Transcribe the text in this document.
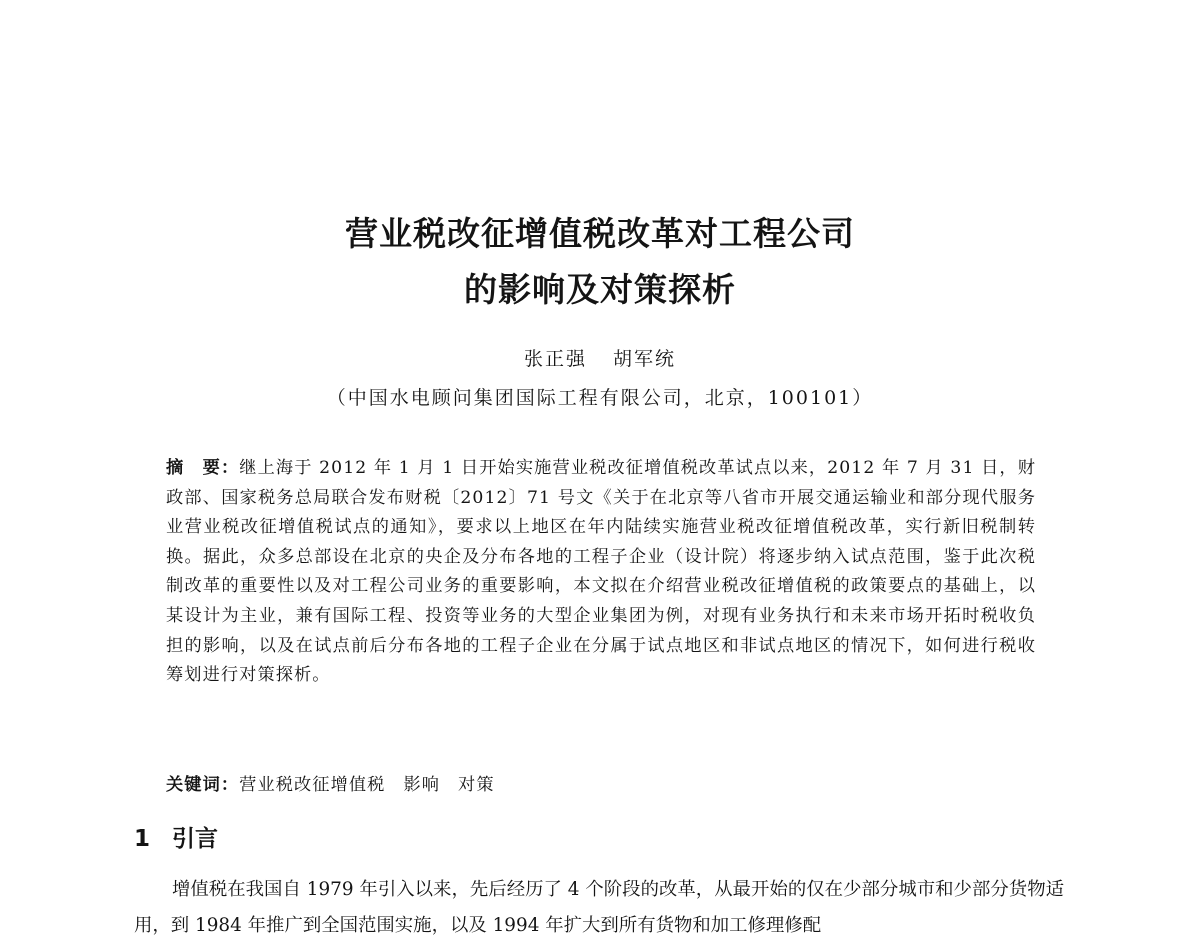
营业税改征增值税改革对工程公司
的影响及对策探析

张正强 胡军统

（中国水电顾问集团国际工程有限公司，北京，100101）

摘　要：继上海于 2012 年 1 月 1 日开始实施营业税改征增值税改革试点以来，2012 年 7 月 31 日，财政部、国家税务总局联合发布财税〔2012〕71 号文《关于在北京等八省市开展交通运输业和部分现代服务业营业税改征增值税试点的通知》，要求以上地区在年内陆续实施营业税改征增值税改革，实行新旧税制转换。据此，众多总部设在北京的央企及分布各地的工程子企业（设计院）将逐步纳入试点范围，鉴于此次税制改革的重要性以及对工程公司业务的重要影响，本文拟在介绍营业税改征增值税的政策要点的基础上，以某设计为主业，兼有国际工程、投资等业务的大型企业集团为例，对现有业务执行和未来市场开拓时税收负担的影响，以及在试点前后分布各地的工程子企业在分属于试点地区和非试点地区的情况下，如何进行税收筹划进行对策探析。

关键词：营业税改征增值税 影响 对策

1 引言

增值税在我国自 1979 年引入以来，先后经历了 4 个阶段的改革，从最开始的仅在少部分城市和少部分货物适用，到 1984 年推广到全国范围实施，以及 1994 年扩大到所有货物和加工修理修配
